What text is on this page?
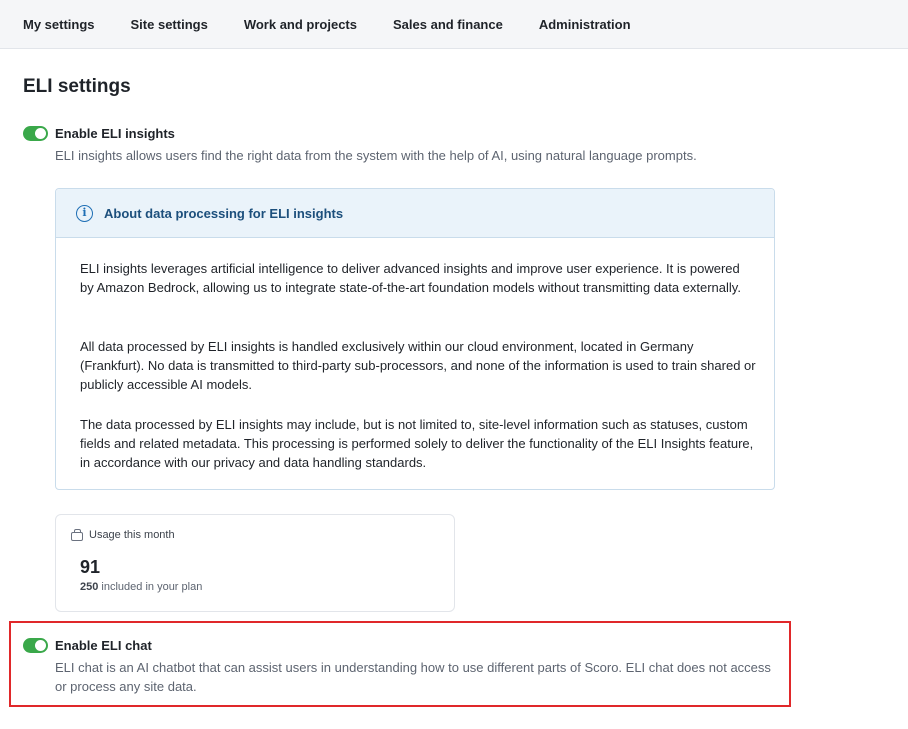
My settings	Site settings	Work and projects	Sales and finance	Administration
ELI settings
Enable ELI insights
ELI insights allows users find the right data from the system with the help of AI, using natural language prompts.
i	About data processing for ELI insights

ELI insights leverages artificial intelligence to deliver advanced insights and improve user experience. It is powered by Amazon Bedrock, allowing us to integrate state-of-the-art foundation models without transmitting data externally.

All data processed by ELI insights is handled exclusively within our cloud environment, located in Germany (Frankfurt). No data is transmitted to third-party sub-processors, and none of the information is used to train shared or publicly accessible AI models.

The data processed by ELI insights may include, but is not limited to, site-level information such as statuses, custom fields and related metadata. This processing is performed solely to deliver the functionality of the ELI Insights feature, in accordance with our privacy and data handling standards.

Usage this month
91
250 included in your plan
Enable ELI chat
ELI chat is an AI chatbot that can assist users in understanding how to use different parts of Scoro. ELI chat does not access or process any site data.
